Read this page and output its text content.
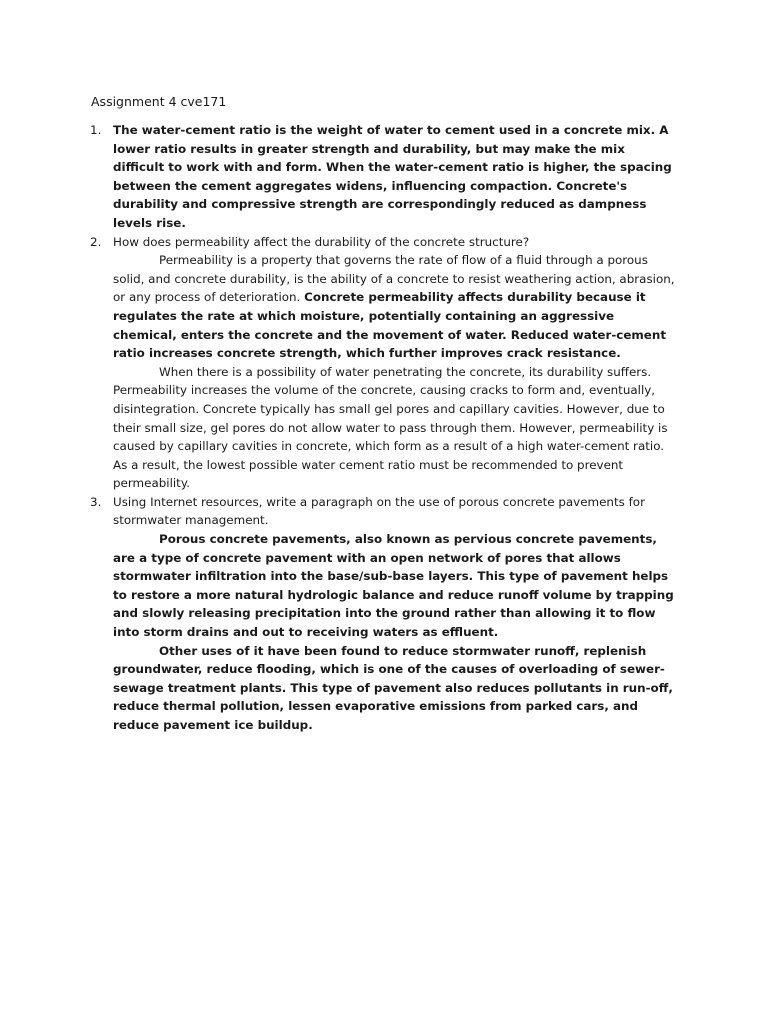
Assignment 4 cve171
1. The water-cement ratio is the weight of water to cement used in a concrete mix. A lower ratio results in greater strength and durability, but may make the mix difficult to work with and form. When the water-cement ratio is higher, the spacing between the cement aggregates widens, influencing compaction. Concrete's durability and compressive strength are correspondingly reduced as dampness levels rise.

2. How does permeability affect the durability of the concrete structure?

Permeability is a property that governs the rate of flow of a fluid through a porous solid, and concrete durability, is the ability of a concrete to resist weathering action, abrasion, or any process of deterioration. Concrete permeability affects durability because it regulates the rate at which moisture, potentially containing an aggressive chemical, enters the concrete and the movement of water. Reduced water-cement ratio increases concrete strength, which further improves crack resistance.

When there is a possibility of water penetrating the concrete, its durability suffers. Permeability increases the volume of the concrete, causing cracks to form and, eventually, disintegration. Concrete typically has small gel pores and capillary cavities. However, due to their small size, gel pores do not allow water to pass through them. However, permeability is caused by capillary cavities in concrete, which form as a result of a high water-cement ratio. As a result, the lowest possible water cement ratio must be recommended to prevent permeability.

3. Using Internet resources, write a paragraph on the use of porous concrete pavements for stormwater management.

Porous concrete pavements, also known as pervious concrete pavements, are a type of concrete pavement with an open network of pores that allows stormwater infiltration into the base/sub-base layers. This type of pavement helps to restore a more natural hydrologic balance and reduce runoff volume by trapping and slowly releasing precipitation into the ground rather than allowing it to flow into storm drains and out to receiving waters as effluent.

Other uses of it have been found to reduce stormwater runoff, replenish groundwater, reduce flooding, which is one of the causes of overloading of sewer-sewage treatment plants. This type of pavement also reduces pollutants in run-off, reduce thermal pollution, lessen evaporative emissions from parked cars, and reduce pavement ice buildup.
